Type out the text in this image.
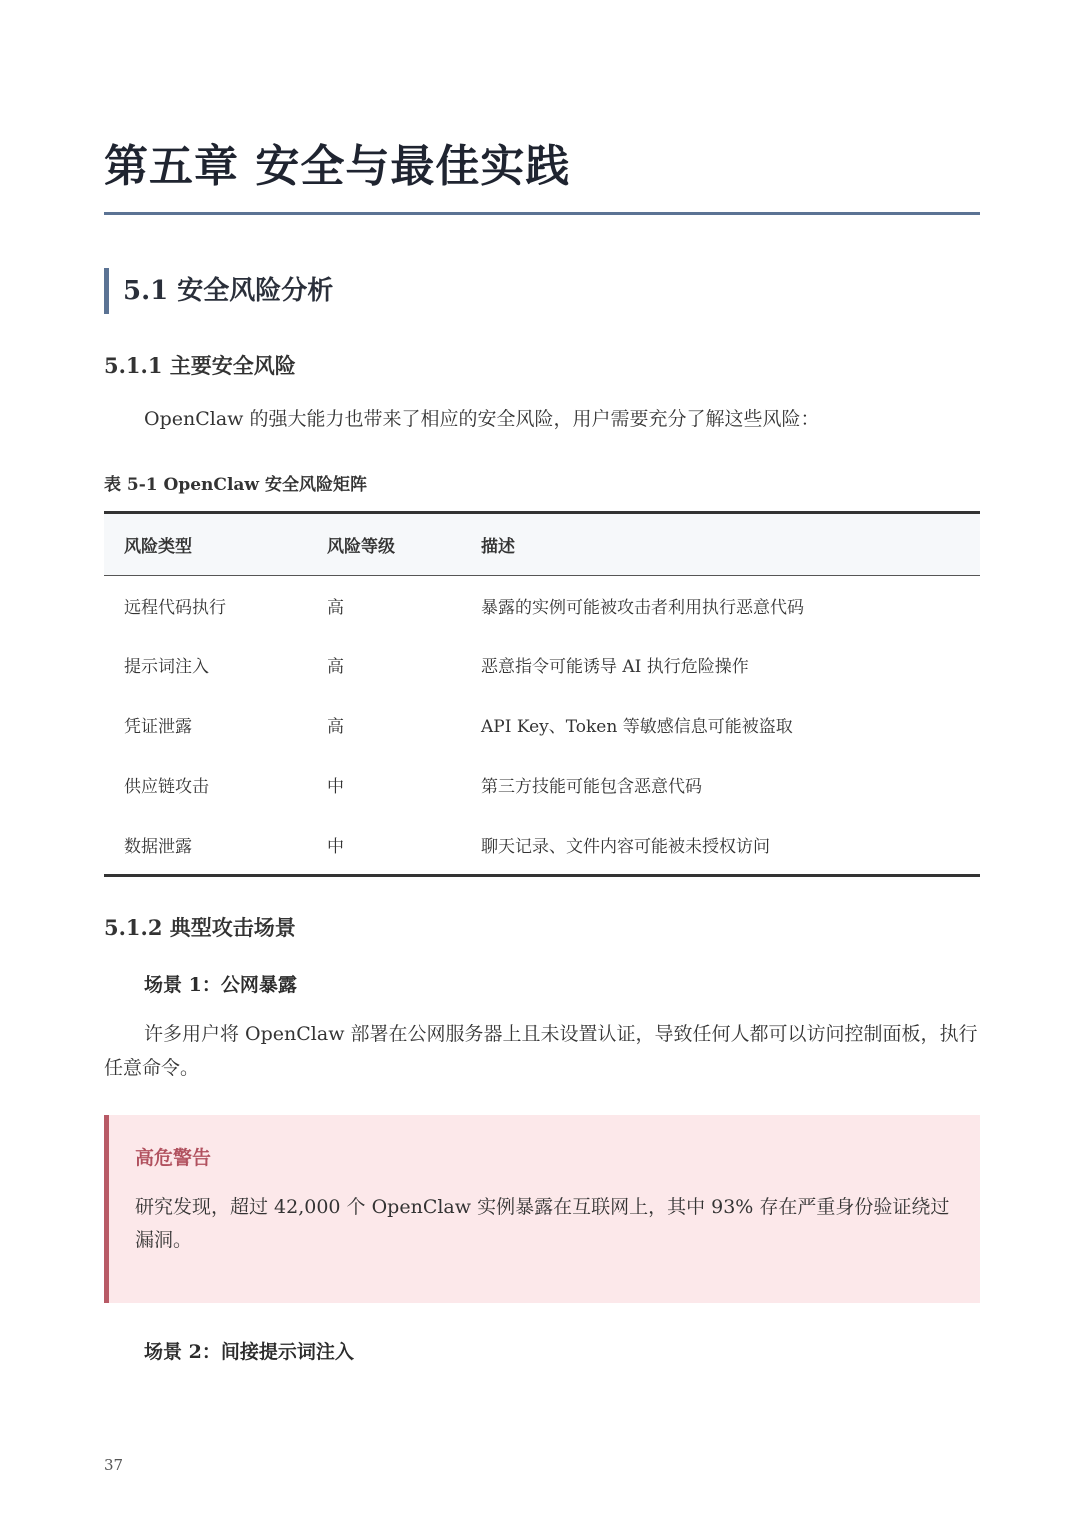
第五章 安全与最佳实践
5.1 安全风险分析
5.1.1 主要安全风险

OpenClaw 的强大能力也带来了相应的安全风险，用户需要充分了解这些风险：

表 5-1 OpenClaw 安全风险矩阵

风险类型	风险等级	描述
远程代码执行	高	暴露的实例可能被攻击者利用执行恶意代码
提示词注入	高	恶意指令可能诱导 AI 执行危险操作
凭证泄露	高	API Key、Token 等敏感信息可能被盗取
供应链攻击	中	第三方技能可能包含恶意代码
数据泄露	中	聊天记录、文件内容可能被未授权访问
5.1.2 典型攻击场景
场景 1：公网暴露

许多用户将 OpenClaw 部署在公网服务器上且未设置认证，导致任何人都可以访问控制面板，执行任意命令。

高危警告

研究发现，超过 42,000 个 OpenClaw 实例暴露在互联网上，其中 93% 存在严重身份验证绕过漏洞。

场景 2：间接提示词注入
37
